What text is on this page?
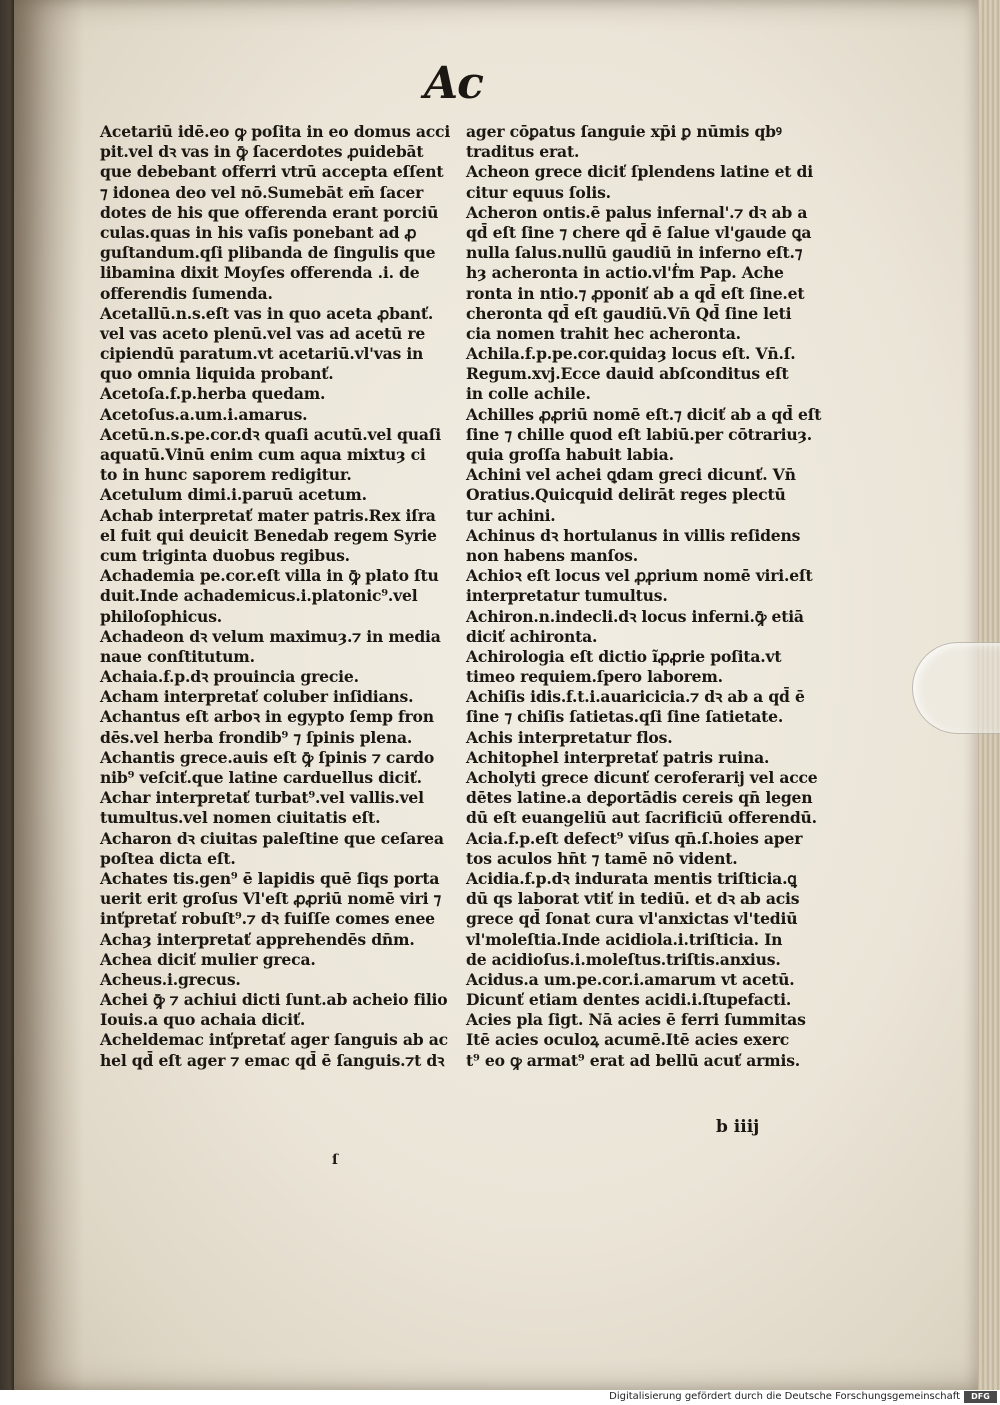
Ac
Acetariū idē.eo ꝙ poſita in eo domus acci
pit.vel dꝛ vas in ꝙ̄ ſacerdotes ꝓuidebāt
que debebant offerri vtrū accepta eſſent
⁊ idonea deo vel nō.Sumebāt em̄ ſacer
dotes de his que offerenda erant porciū
culas.quas in his vaſis ponebant ad ꝓ
guſtandum.qſi plibanda de ſingulis que
libamina dixit Moyſes offerenda .i. de
offerendis ſumenda.
Acetallū.n.s.eſt vas in quo aceta ꝓbanť.
vel vas aceto plenū.vel vas ad acetū re
cipiendū paratum.vt acetariū.vl'vas in
quo omnia liquida probanť.
Acetoſa.f.p.herba quedam.
Acetoſus.a.um.i.amarus.
Acetū.n.s.pe.cor.dꝛ quaſi acutū.vel quaſi
aquatū.Vinū enim cum aqua mixtuȝ ci
to in hunc saporem redigitur.
Acetulum dimi.i.paruū acetum.
Achab interpretať mater patris.Rex iſra
el fuit qui deuicit Benedab regem Syrie
cum triginta duobus regibus.
Achademia pe.cor.eſt villa in ꝙ̄ plato ſtu
duit.Inde achademicus.i.platonic⁹.vel
philoſophicus.
Achadeon dꝛ velum maximuȝ.⁊ in media
naue conſtitutum.
Achaia.f.p.dꝛ prouincia grecie.
Acham interpretať coluber inſidians.
Achantus eſt arboꝛ in egypto ſemp fron
dēs.vel herba frondib⁹ ⁊ ſpinis plena.
Achantis grece.auis eſt ꝙ̄ ſpinis ⁊ cardo
nib⁹ veſciť.que latine carduellus diciť.
Achar interpretať turbat⁹.vel vallis.vel
tumultus.vel nomen ciuitatis eſt.
Acharon dꝛ ciuitas paleſtine que ceſarea
poſtea dicta eſt.
Achates tis.gen⁹ ē lapidis quē ſiqs porta
uerit erit groſus Vl'eſt ꝓꝓriū nomē viri ⁊
inťpretať robuſt⁹.⁊ dꝛ fuiſſe comes enee
Achaȝ interpretať apprehendēs dn̄m.
Achea diciť mulier greca.
Acheus.i.grecus.
Achei ꝙ̄ ⁊ achiui dicti ſunt.ab acheio filio
Iouis.a quo achaia diciť.
Acheldemac inťpretať ager ſanguis ab ac
hel qd̄ eſt ager ⁊ emac qd̄ ē ſanguis.⁊t dꝛ
ager cōꝑatus ſanguie xp̄i ꝑ nūmis qbꝰ
traditus erat.
Acheon grece diciť ſplendens latine et di
citur equus ſolis.
Acheron ontis.ē palus infernal'.⁊ dꝛ ab a
qd̄ eſt ſine ⁊ chere qd̄ ē ſalue vl'gaude ꝗa
nulla ſalus.nullū gaudiū in inferno eſt.⁊
hȝ acheronta in actio.vl'ḟm Pap. Ache
ronta in ntio.⁊ ꝓponiť ab a qd̄ eſt ſine.et
cheronta qd̄ eſt gaudiū.Vn̄ Qd̄ ſine leti
cia nomen trahit hec acheronta.
Achila.f.p.pe.cor.quidaȝ locus eſt. Vn̄.ſ.
Regum.xvj.Ecce dauid abſconditus eſt
in colle achile.
Achilles ꝓꝓriū nomē eſt.⁊ diciť ab a qd̄ eſt
ſine ⁊ chille quod eſt labiū.per cōtrariuȝ.
quia groſſa habuit labia.
Achini vel achei ꝗdam greci dicunť. Vn̄
Oratius.Quicquid delirāt reges plectū
tur achini.
Achinus dꝛ hortulanus in villis reſidens
non habens manſos.
Achioꝛ eſt locus vel ꝓꝓrium nomē viri.eſt
interpretatur tumultus.
Achiron.n.indecli.dꝛ locus inferni.ꝙ̄ etiā
diciť achironta.
Achirologia eſt dictio ĩꝓꝓrie poſita.vt
timeo requiem.ſpero laborem.
Achiſis idis.f.t.i.auaricicia.⁊ dꝛ ab a qd̄ ē
ſine ⁊ chiſis ſatietas.qſi ſine ſatietate.
Achis interpretatur flos.
Achitophel interpretať patris ruina.
Acholyti grece dicunť ceroferarij vel acce
dētes latine.a deꝑortādis cereis qn̄ legen
dū eſt euangeliū aut ſacrificiū offerendū.
Acia.f.p.eſt defect⁹ viſus qn̄.ſ.hoies aper
tos aculos hn̄t ⁊ tamē nō vident.
Acidia.f.p.dꝛ indurata mentis triſticia.ꝗ
dū qs laborat vtiť in tediū. et dꝛ ab acis
grece qd̄ ſonat cura vl'anxictas vl'tediū
vl'moleſtia.Inde acidiola.i.triſticia. In
de acidioſus.i.moleſtus.triſtis.anxius.
Acidus.a um.pe.cor.i.amarum vt acetū.
Dicunť etiam dentes acidi.i.ſtupefacti.
Acies pla ſigt. Nā acies ē ferri ſummitas
Itē acies oculoꝝ acumē.Itē acies exerc
t⁹ eo ꝙ armat⁹ erat ad bellū acuť armis.
b iiij
ſ
Digitalisierung gefördert durch die Deutsche Forschungsgemeinschaft	DFG
